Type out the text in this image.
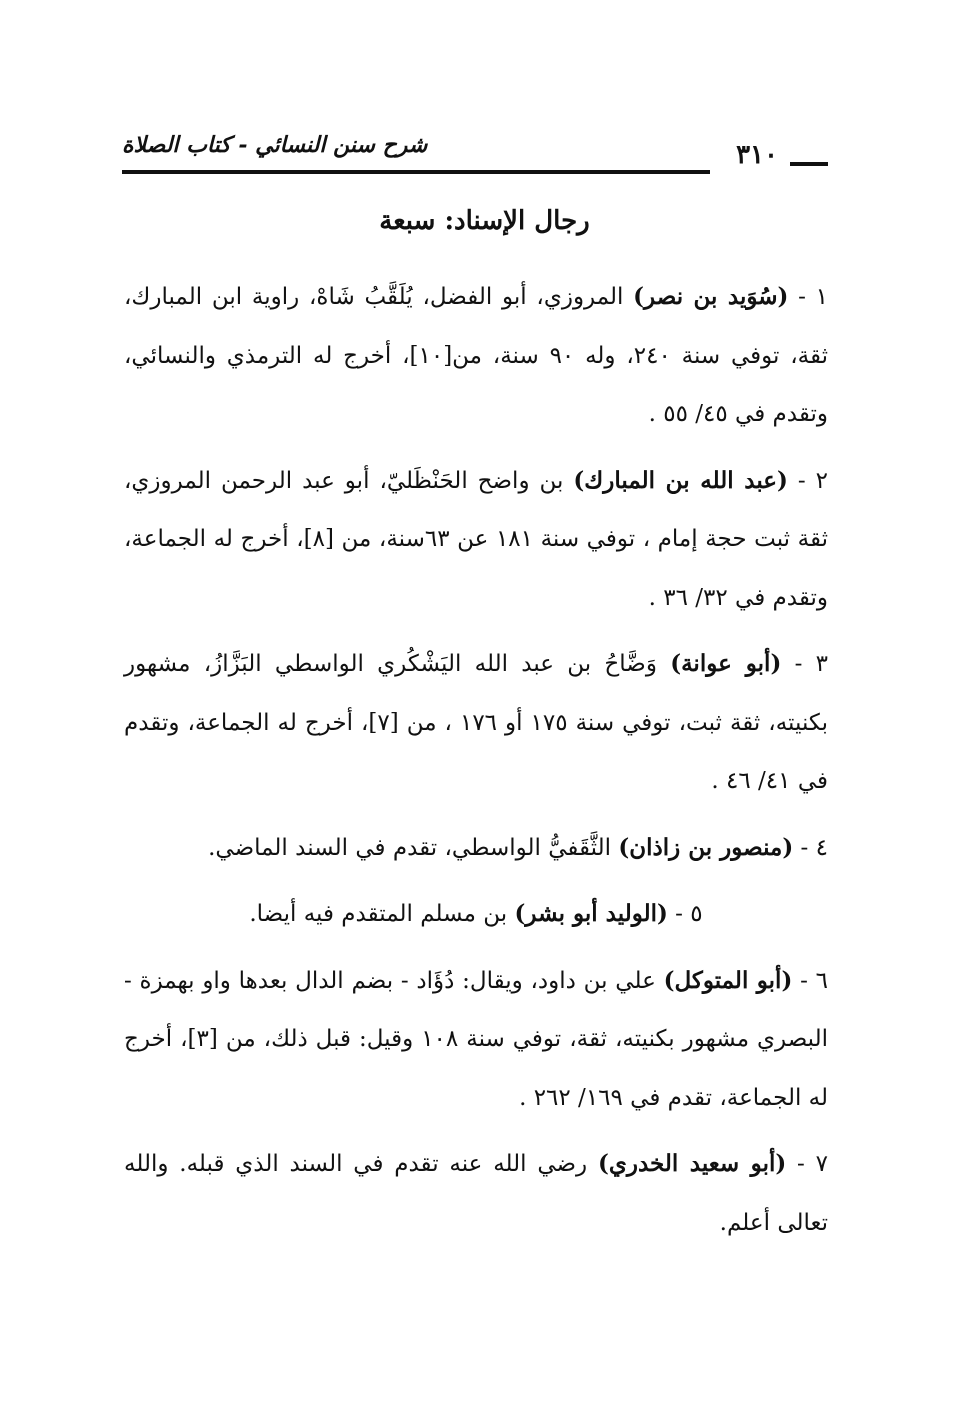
٣١٠
شرح سنن النسائي - كتاب الصلاة
رجال الإسناد: سبعة

١ - (سُوَيد بن نصر) المروزي، أبو الفضل، يُلَقَّبُ شَاهْ، راوية ابن المبارك، ثقة، توفي سنة ٢٤٠، وله ٩٠ سنة، من[١٠]، أخرج له الترمذي والنسائي، وتقدم في ٤٥/ ٥٥ .

٢ - (عبد الله بن المبارك) بن واضح الحَنْظَليّ، أبو عبد الرحمن المروزي، ثقة ثبت حجة إمام ، توفي سنة ١٨١ عن ٦٣سنة، من [٨]، أخرج له الجماعة، وتقدم في ٣٢/ ٣٦ .

٣ - (أبو عوانة) وَضَّاحُ بن عبد الله اليَشْكُري الواسطي البَزَّازُ، مشهور بكنيته، ثقة ثبت، توفي سنة ١٧٥ أو ١٧٦ ، من [٧]، أخرج له الجماعة، وتقدم في ٤١/ ٤٦ .

٤ - (منصور بن زاذان) الثَّقَفيُّ الواسطي، تقدم في السند الماضي.

٥ - (الوليد أبو بشر) بن مسلم المتقدم فيه أيضا.

٦ - (أبو المتوكل) علي بن داود، ويقال: دُؤَاد - بضم الدال بعدها واو بهمزة - البصري مشهور بكنيته، ثقة، توفي سنة ١٠٨ وقيل: قبل ذلك، من [٣]، أخرج له الجماعة، تقدم في ١٦٩/ ٢٦٢ .

٧ - (أبو سعيد الخدري) رضي الله عنه تقدم في السند الذي قبله. والله تعالى أعلم.
